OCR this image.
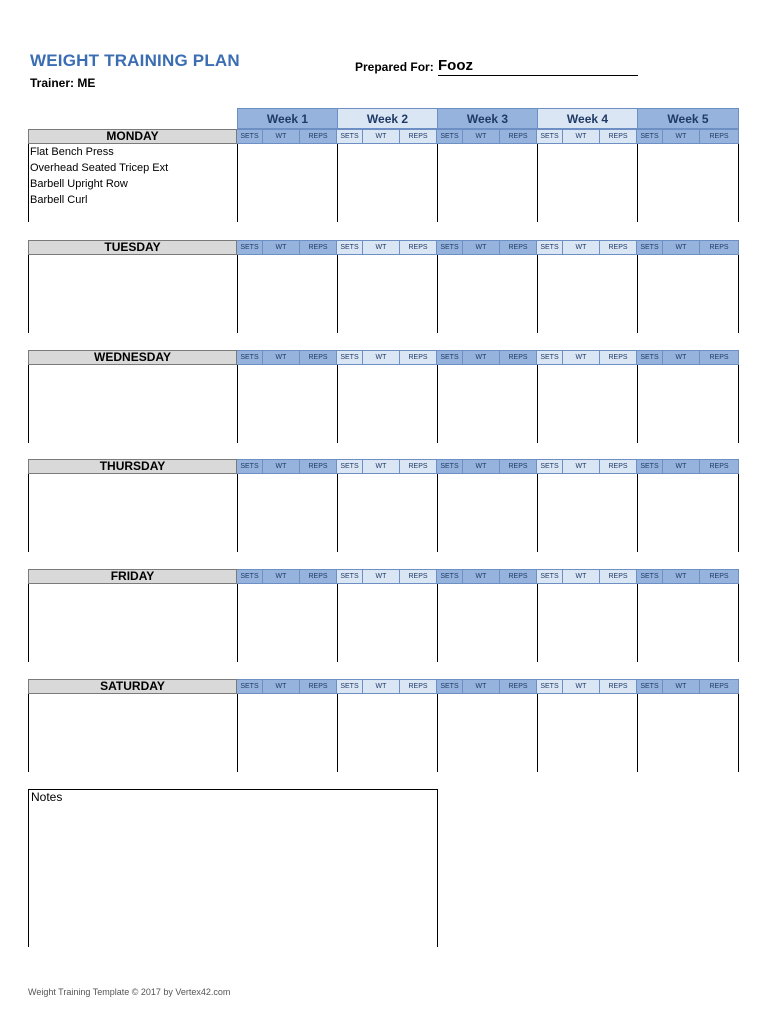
WEIGHT TRAINING PLAN
Trainer: ME
Prepared For: Fooz
Week 1	Week 2	Week 3	Week 4	Week 5
MONDAY	SETS	WT	REPS	SETS	WT	REPS	SETS	WT	REPS	SETS	WT	REPS	SETS	WT	REPS
Flat Bench Press
Overhead Seated Tricep Ext
Barbell Upright Row
Barbell Curl
TUESDAY	SETS	WT	REPS	SETS	WT	REPS	SETS	WT	REPS	SETS	WT	REPS	SETS	WT	REPS
WEDNESDAY	SETS	WT	REPS	SETS	WT	REPS	SETS	WT	REPS	SETS	WT	REPS	SETS	WT	REPS
THURSDAY	SETS	WT	REPS	SETS	WT	REPS	SETS	WT	REPS	SETS	WT	REPS	SETS	WT	REPS
FRIDAY	SETS	WT	REPS	SETS	WT	REPS	SETS	WT	REPS	SETS	WT	REPS	SETS	WT	REPS
SATURDAY	SETS	WT	REPS	SETS	WT	REPS	SETS	WT	REPS	SETS	WT	REPS	SETS	WT	REPS
Notes
Weight Training Template © 2017 by Vertex42.com
